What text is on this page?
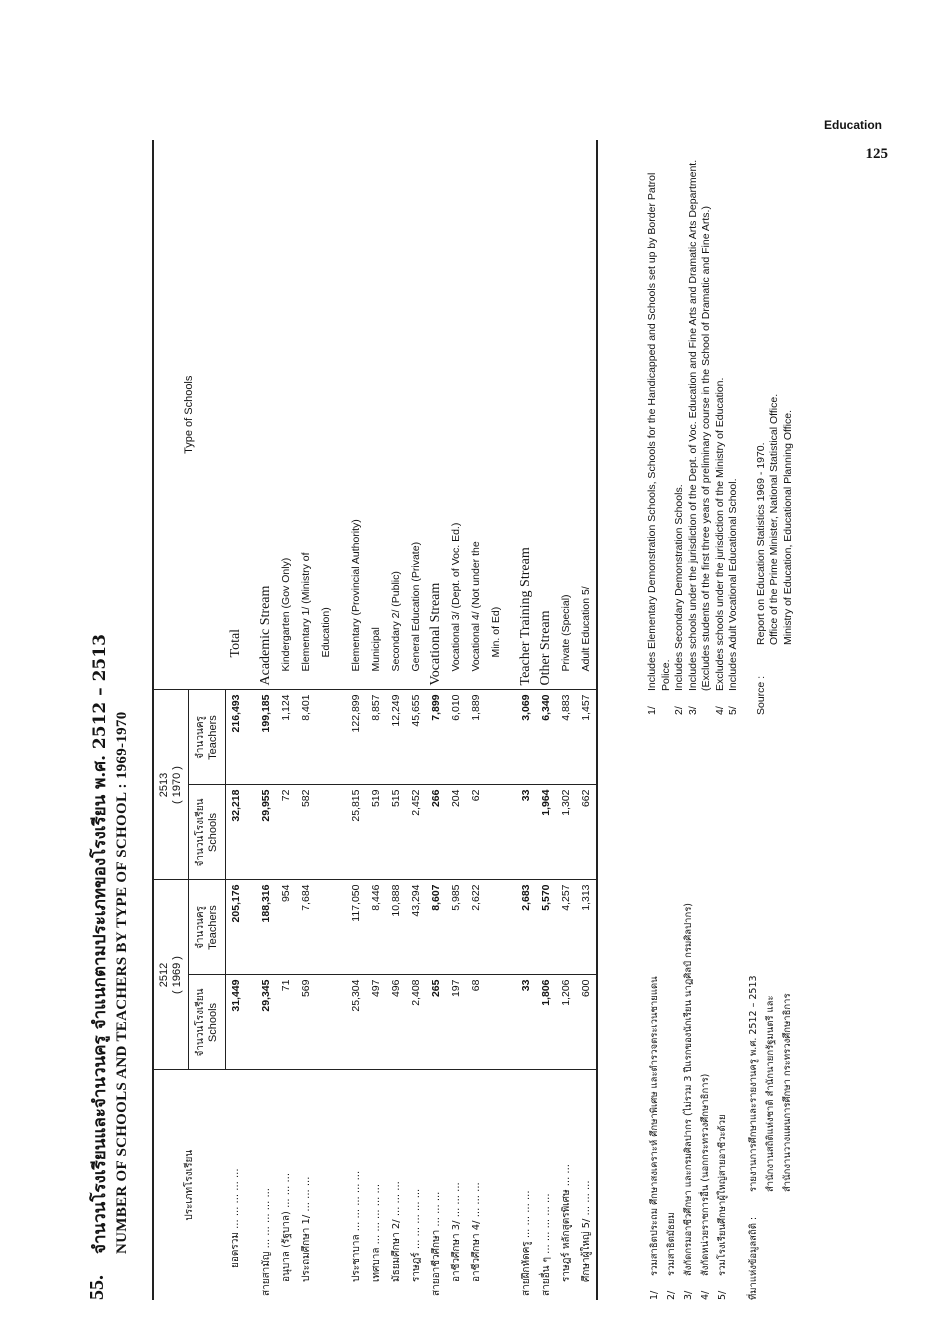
Education
125
55.
จำนวนโรงเรียนและจำนวนครู จำแนกตามประเภทของโรงเรียน พ.ศ. 2512 – 2513 NUMBER OF SCHOOLS AND TEACHERS BY TYPE OF SCHOOL : 1969-1970	ประเภทโรงเรียน	2512
( 1969 )		2513
( 1970 )		Type of Schools

	จำนวนโรงเรียน Schools	จำนวนครู Teachers	จำนวนโรงเรียน Schools	จำนวนครู Teachers	
ยอดรวม ... ... ... ... ...	31,449	205,176	32,218	216,493	Total

สายสามัญ ... ... ... ... ...	29,345	188,316	29,955	199,185	Academic Stream
อนุบาล (รัฐบาล) ... ... ...	71	954	72	1,124	Kindergarten (Gov Only)
ประถมศึกษา 1/ ... ... ...	569	7,684	582	8,401	Elementary 1/ (Ministry of
					Education)

ประชาบาล ... ... ... ... ...	25,304	117,050	25,815	122,899	Elementary (Provincial Authority)
เทศบาล ... ... ... ... ...	497	8,446	519	8,857	Municipal
มัธยมศึกษา 2/ ... ... ...	496	10,888	515	12,249	Secondary 2/ (Public)
ราษฎร์ ... ... ... ... ...	2,408	43,294	2,452	45,655	General Education (Private)
สายอาชีวศึกษา ... ... ...	265	8,607	266	7,899	Vocational Stream
อาชีวศึกษา 3/ ... ... ...	197	5,985	204	6,010	Vocational 3/ (Dept. of Voc. Ed.)
อาชีวศึกษา 4/ ... ... ...	68	2,622	62	1,889	Vocational 4/ (Not under the
					Min. of Ed)

สายฝึกหัดครู ... ... ... ...	33	2,683	33	3,069	Teacher Training Stream
สายอื่น ๆ ... ... ... ... ...	1,806	5,570	1,964	6,340	Other Stream
ราษฎร์ หลักสูตรพิเศษ ... ...	1,206	4,257	1,302	4,883	Private (Special)
ศึกษาผู้ใหญ่ 5/ ... ... ...	600	1,313	662	1,457	Adult Education 5/
1/
รวมสาธิตประถม ศึกษาสงเคราะห์ ศึกษาพิเศษ และตำรวจตระเวนชายแดน
2/
รวมสาธิตมัธยม
3/
สังกัดกรมอาชีวศึกษา และกรมศิลปากร (ไม่รวม 3 ปีแรกของนักเรียน นาฏศิลป์ กรมศิลปากร)
4/
สังกัดหน่วยราชการอื่น (นอกกระทรวงศึกษาธิการ)
5/
รวมโรงเรียนศึกษาผู้ใหญ่สายอาชีวะด้วย	ที่มาแห่งข้อมูลสถิติ :
รายงานการศึกษาและรายงานครู พ.ศ. 2512 – 2513 สำนักงานสถิติแห่งชาติ สำนักนายกรัฐมนตรี และ สำนักงานวางแผนการศึกษา กระทรวงศึกษาธิการ
1/
Includes Elementary Demonstration Schools, Schools for the Handicapped and Schools set up by Border Patrol Police.
2/
Includes Secondary Demonstration Schools.
3/
Includes schools under the jurisdiction of the Dept. of Voc. Education and Fine Arts and Dramatic Arts Department. (Excludes students of the first three years of preliminary course in the School of Dramatic and Fine Arts.)
4/
Excludes schools under the jurisdiction of the Ministry of Education.
5/
Includes Adult Vocational Educational School.
Source :
Report on Education Statistics 1969 - 1970. Office of the Prime Minister, National Statistical Office. Ministry of Education, Educational Planning Office.
